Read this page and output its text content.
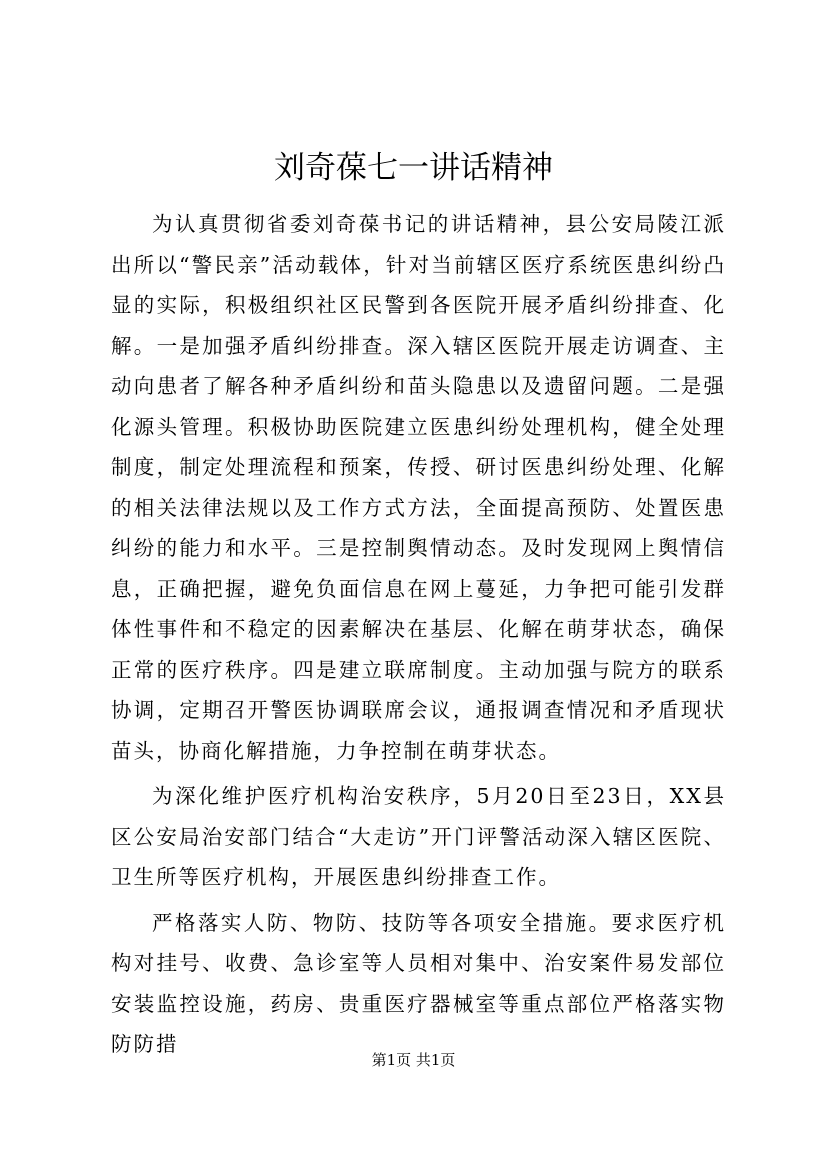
刘奇葆七一讲话精神

为认真贯彻省委刘奇葆书记的讲话精神，县公安局陵江派出所以“警民亲”活动载体，针对当前辖区医疗系统医患纠纷凸显的实际，积极组织社区民警到各医院开展矛盾纠纷排查、化解。一是加强矛盾纠纷排查。深入辖区医院开展走访调查、主动向患者了解各种矛盾纠纷和苗头隐患以及遗留问题。二是强化源头管理。积极协助医院建立医患纠纷处理机构，健全处理制度，制定处理流程和预案，传授、研讨医患纠纷处理、化解的相关法律法规以及工作方式方法，全面提高预防、处置医患纠纷的能力和水平。三是控制舆情动态。及时发现网上舆情信息，正确把握，避免负面信息在网上蔓延，力争把可能引发群体性事件和不稳定的因素解决在基层、化解在萌芽状态，确保正常的医疗秩序。四是建立联席制度。主动加强与院方的联系协调，定期召开警医协调联席会议，通报调查情况和矛盾现状苗头，协商化解措施，力争控制在萌芽状态。

为深化维护医疗机构治安秩序，5月20日至23日，XX县区公安局治安部门结合“大走访”开门评警活动深入辖区医院、卫生所等医疗机构，开展医患纠纷排查工作。

严格落实人防、物防、技防等各项安全措施。要求医疗机构对挂号、收费、急诊室等人员相对集中、治安案件易发部位安装监控设施，药房、贵重医疗器械室等重点部位严格落实物防防措

第1页 共1页
